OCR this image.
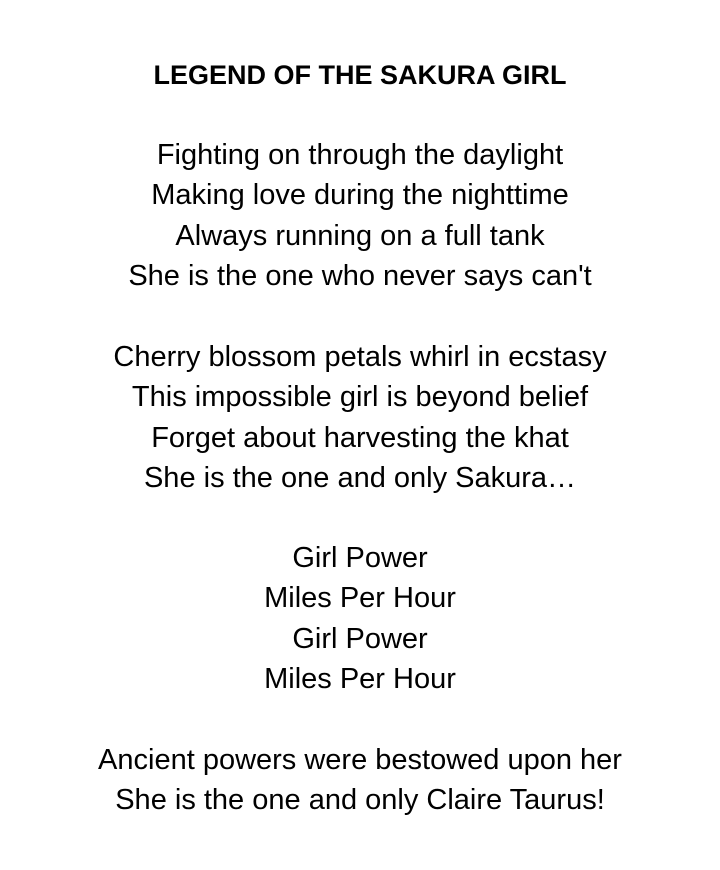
LEGEND OF THE SAKURA GIRL
Fighting on through the daylight
Making love during the nighttime
Always running on a full tank
She is the one who never says can't
Cherry blossom petals whirl in ecstasy
This impossible girl is beyond belief
Forget about harvesting the khat
She is the one and only Sakura…
Girl Power
Miles Per Hour
Girl Power
Miles Per Hour
Ancient powers were bestowed upon her
She is the one and only Claire Taurus!
